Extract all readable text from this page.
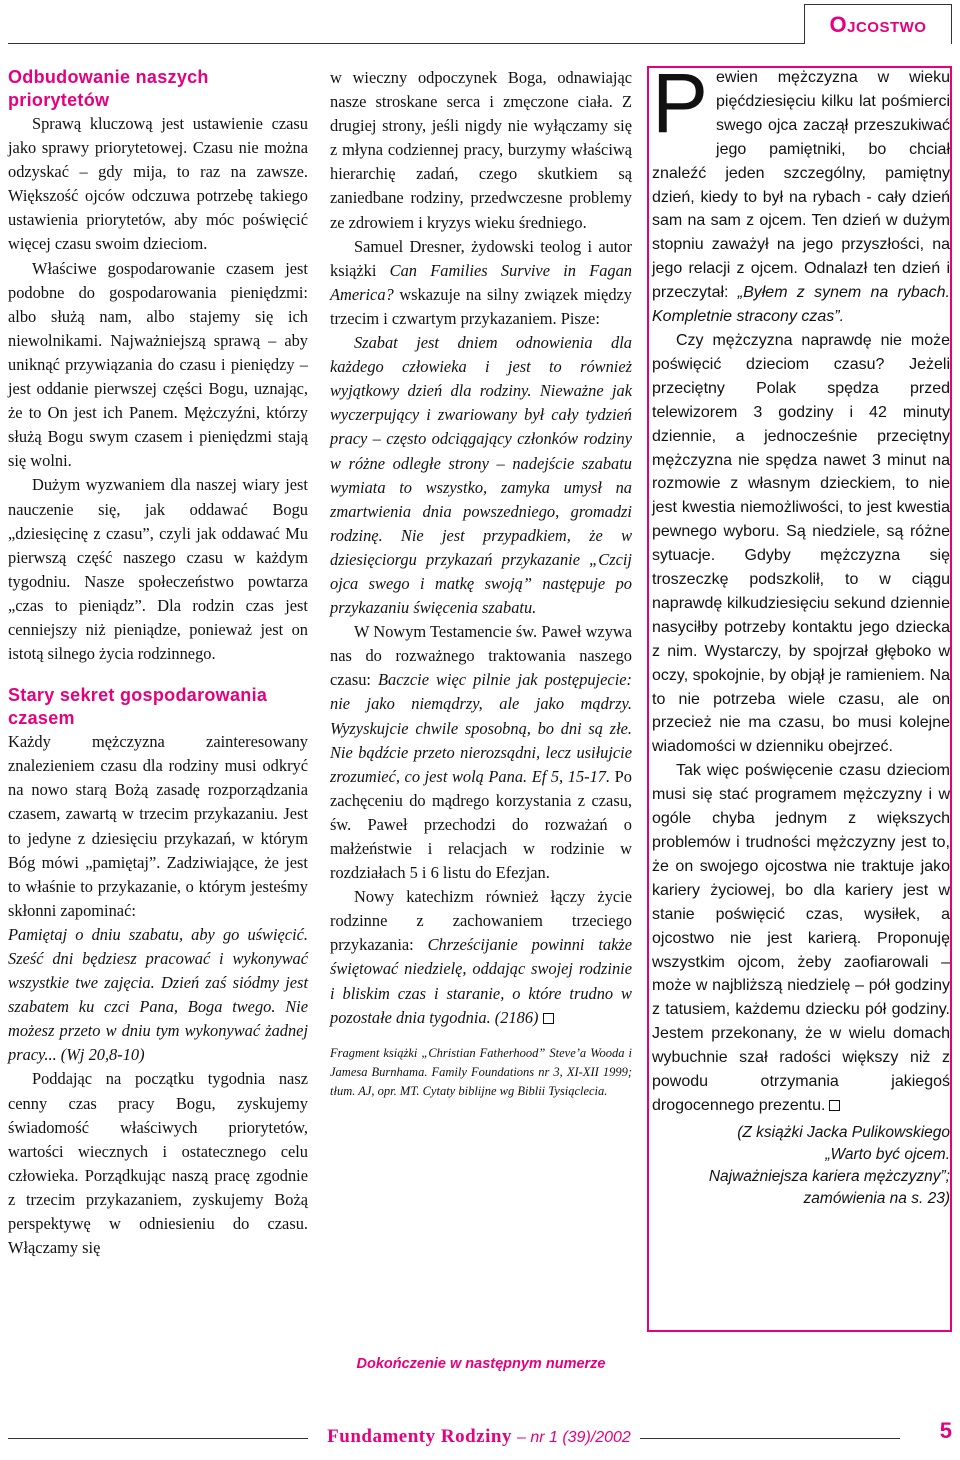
Ojcostwo
Odbudowanie naszych priorytetów

Sprawą kluczową jest ustawienie czasu jako sprawy priorytetowej. Czasu nie można odzyskać – gdy mija, to raz na zawsze. Większość ojców odczuwa potrzebę takiego ustawienia priorytetów, aby móc poświęcić więcej czasu swoim dzieciom.

Właściwe gospodarowanie czasem jest podobne do gospodarowania pieniędzmi: albo służą nam, albo stajemy się ich niewolnikami. Najważniejszą sprawą – aby uniknąć przywiązania do czasu i pieniędzy – jest oddanie pierwszej części Bogu, uznając, że to On jest ich Panem. Mężczyźni, którzy służą Bogu swym czasem i pieniędzmi stają się wolni.

Dużym wyzwaniem dla naszej wiary jest nauczenie się, jak oddawać Bogu „dziesięcinę z czasu”, czyli jak oddawać Mu pierwszą część naszego czasu w każdym tygodniu. Nasze społeczeństwo powtarza „czas to pieniądz”. Dla rodzin czas jest cenniejszy niż pieniądze, ponieważ jest on istotą silnego życia rodzinnego.

Stary sekret gospodarowania czasem

Każdy mężczyzna zainteresowany znalezieniem czasu dla rodziny musi odkryć na nowo starą Bożą zasadę rozporządzania czasem, zawartą w trzecim przykazaniu. Jest to jedyne z dziesięciu przykazań, w którym Bóg mówi „pamiętaj”. Zadziwiające, że jest to właśnie to przykazanie, o którym jesteśmy skłonni zapominać:

Pamiętaj o dniu szabatu, aby go uświęcić. Sześć dni będziesz pracować i wykonywać wszystkie twe zajęcia. Dzień zaś siódmy jest szabatem ku czci Pana, Boga twego. Nie możesz przeto w dniu tym wykonywać żadnej pracy... (Wj 20,8-10)

Poddając na początku tygodnia nasz cenny czas pracy Bogu, zyskujemy świadomość właściwych priorytetów, wartości wiecznych i ostatecznego celu człowieka. Porządkując naszą pracę zgodnie z trzecim przykazaniem, zyskujemy Bożą perspektywę w odniesieniu do czasu. Włączamy się

w wieczny odpoczynek Boga, odnawiając nasze stroskane serca i zmęczone ciała. Z drugiej strony, jeśli nigdy nie wyłączamy się z młyna codziennej pracy, burzymy właściwą hierarchię zadań, czego skutkiem są zaniedbane rodziny, przedwczesne problemy ze zdrowiem i kryzys wieku średniego.

Samuel Dresner, żydowski teolog i autor książki Can Families Survive in Fagan America? wskazuje na silny związek między trzecim i czwartym przykazaniem. Pisze:

Szabat jest dniem odnowienia dla każdego człowieka i jest to również wyjątkowy dzień dla rodziny. Nieważne jak wyczerpujący i zwariowany był cały tydzień pracy – często odciągający członków rodziny w różne odległe strony – nadejście szabatu wymiata to wszystko, zamyka umysł na zmartwienia dnia powszedniego, gromadzi rodzinę. Nie jest przypadkiem, że w dziesięciorgu przykazań przykazanie „Czcij ojca swego i matkę swoją” następuje po przykazaniu święcenia szabatu.

W Nowym Testamencie św. Paweł wzywa nas do rozważnego traktowania naszego czasu: Baczcie więc pilnie jak postępujecie: nie jako niemądrzy, ale jako mądrzy. Wyzyskujcie chwile sposobną, bo dni są złe. Nie bądźcie przeto nierozsądni, lecz usiłujcie zrozumieć, co jest wolą Pana. Ef 5, 15-17. Po zachęceniu do mądrego korzystania z czasu, św. Paweł przechodzi do rozważań o małżeństwie i relacjach w rodzinie w rozdziałach 5 i 6 listu do Efezjan.

Nowy katechizm również łączy życie rodzinne z zachowaniem trzeciego przykazania: Chrześcijanie powinni także świętować niedzielę, oddając swojej rodzinie i bliskim czas i staranie, o które trudno w pozostałe dnia tygodnia. (2186)

Fragment książki „Christian Fatherhood” Steve’a Wooda i Jamesa Burnhama. Family Foundations nr 3, XI-XII 1999; tłum. AJ, opr. MT. Cytaty biblijne wg Biblii Tysiąclecia.

Dokończenie w następnym numerze

Pewien mężczyzna w wieku pięćdziesięciu kilku lat pośmierci swego ojca zaczął przeszukiwać jego pamiętniki, bo chciał znaleźć jeden szczególny, pamiętny dzień, kiedy to był na rybach - cały dzień sam na sam z ojcem. Ten dzień w dużym stopniu zaważył na jego przyszłości, na jego relacji z ojcem. Odnalazł ten dzień i przeczytał: „Byłem z synem na rybach. Kompletnie stracony czas”.

Czy mężczyzna naprawdę nie może poświęcić dzieciom czasu? Jeżeli przeciętny Polak spędza przed telewizorem 3 godziny i 42 minuty dziennie, a jednocześnie przeciętny mężczyzna nie spędza nawet 3 minut na rozmowie z własnym dzieckiem, to nie jest kwestia niemożliwości, to jest kwestia pewnego wyboru. Są niedziele, są różne sytuacje. Gdyby mężczyzna się troszeczkę podszkolił, to w ciągu naprawdę kilkudziesięciu sekund dziennie nasyciłby potrzeby kontaktu jego dziecka z nim. Wystarczy, by spojrzał głęboko w oczy, spokojnie, by objął je ramieniem. Na to nie potrzeba wiele czasu, ale on przecież nie ma czasu, bo musi kolejne wiadomości w dzienniku obejrzeć.

Tak więc poświęcenie czasu dzieciom musi się stać programem mężczyzny i w ogóle chyba jednym z większych problemów i trudności mężczyzny jest to, że on swojego ojcostwa nie traktuje jako kariery życiowej, bo dla kariery jest w stanie poświęcić czas, wysiłek, a ojcostwo nie jest karierą. Proponuję wszystkim ojcom, żeby zaofiarowali – może w najbliższą niedzielę – pół godziny z tatusiem, każdemu dziecku pół godziny. Jestem przekonany, że w wielu domach wybuchnie szał radości większy niż z powodu otrzymania jakiegoś drogocennego prezentu.

(Z książki Jacka Pulikowskiego
„Warto być ojcem.
Najważniejsza kariera mężczyzny”;
zamówienia na s. 23)
Fundamenty Rodziny – nr 1 (39)/2002	5
